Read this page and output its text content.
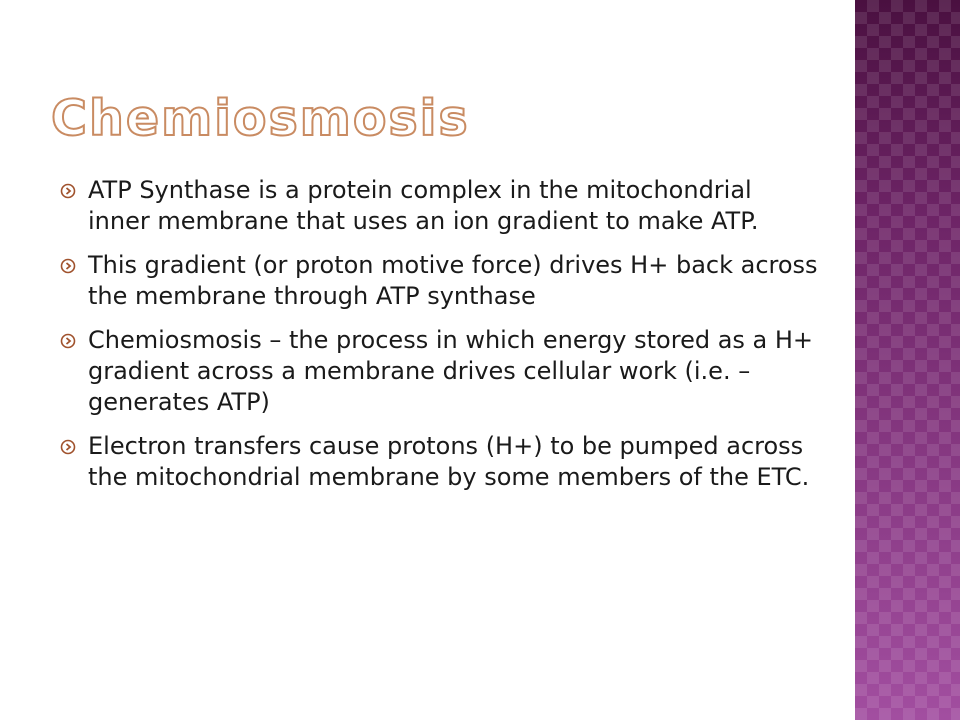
Chemiosmosis
ATP Synthase is a protein complex in the mitochondrial inner membrane that uses an ion gradient to make ATP.
This gradient (or proton motive force) drives H+ back across the membrane through ATP synthase
Chemiosmosis – the process in which energy stored as a H+ gradient across a membrane drives cellular work (i.e. – generates ATP)
Electron transfers cause protons (H+) to be pumped across the mitochondrial membrane by some members of the ETC.
